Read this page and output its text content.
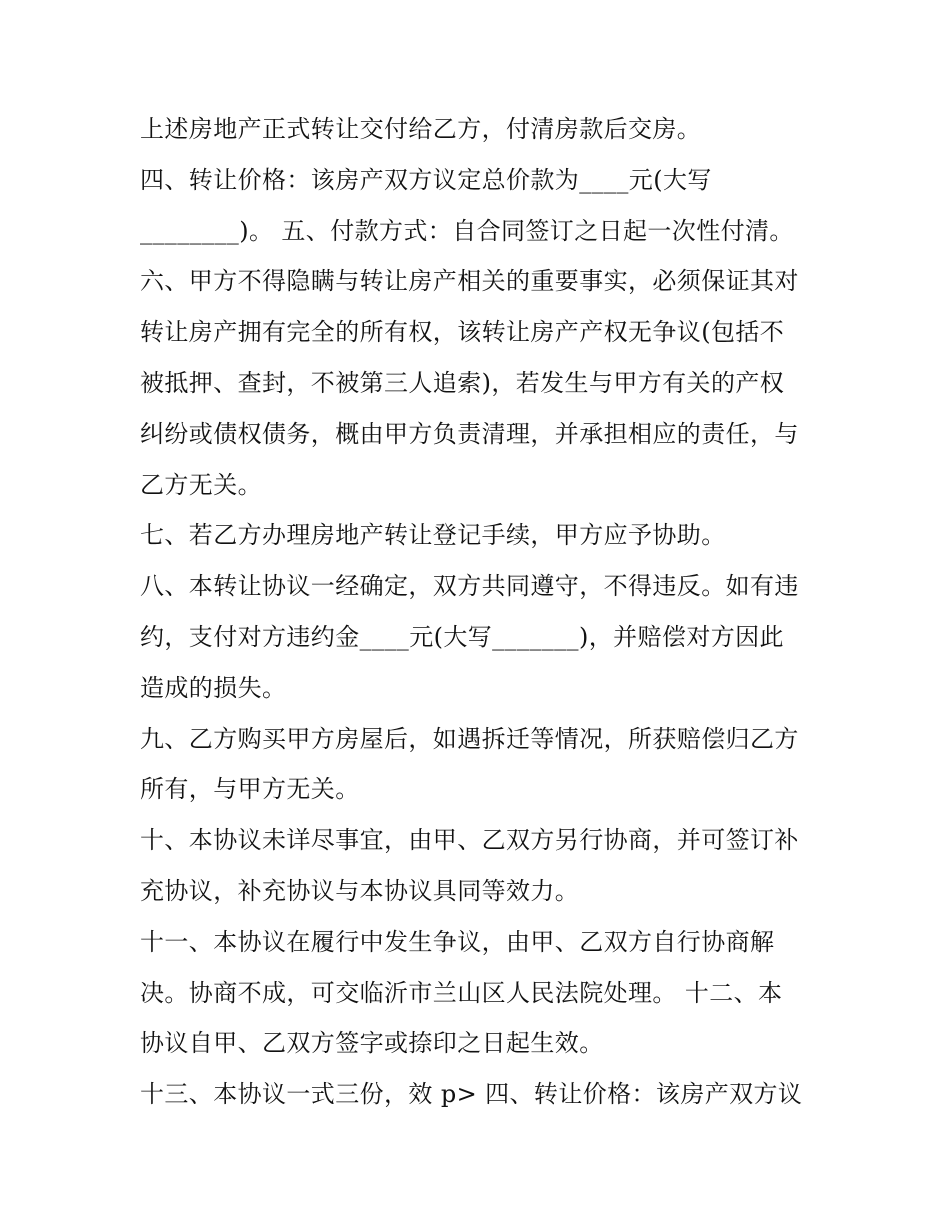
上述房地产正式转让交付给乙方，付清房款后交房。
四、转让价格：该房产双方议定总价款为____元(大写
________)。 五、付款方式：自合同签订之日起一次性付清。
六、甲方不得隐瞒与转让房产相关的重要事实，必须保证其对
转让房产拥有完全的所有权，该转让房产产权无争议(包括不
被抵押、查封，不被第三人追索)，若发生与甲方有关的产权
纠纷或债权债务，概由甲方负责清理，并承担相应的责任，与
乙方无关。
七、若乙方办理房地产转让登记手续，甲方应予协助。
八、本转让协议一经确定，双方共同遵守，不得违反。如有违
约，支付对方违约金____元(大写_______)，并赔偿对方因此
造成的损失。
九、乙方购买甲方房屋后，如遇拆迁等情况，所获赔偿归乙方
所有，与甲方无关。
十、本协议未详尽事宜，由甲、乙双方另行协商，并可签订补
充协议，补充协议与本协议具同等效力。
十一、本协议在履行中发生争议，由甲、乙双方自行协商解
决。协商不成，可交临沂市兰山区人民法院处理。 十二、本
协议自甲、乙双方签字或捺印之日起生效。
十三、本协议一式三份，效 p> 四、转让价格：该房产双方议
